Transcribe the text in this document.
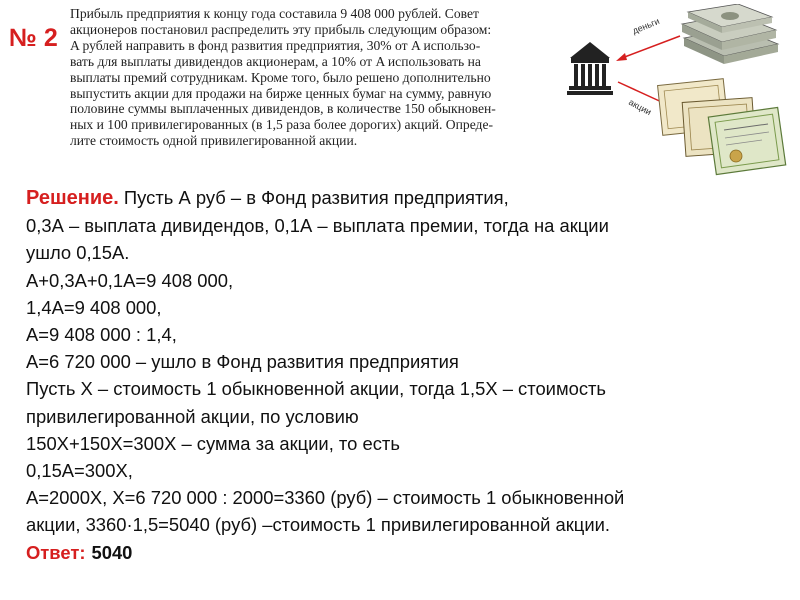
№ 2
Прибыль предприятия к концу года составила 9 408 000 рублей. Совет
акционеров постановил распределить эту прибыль следующим образом:
A рублей направить в фонд развития предприятия, 30% от A использо-
вать для выплаты дивидендов акционерам, а 10% от A использовать на
выплаты премий сотрудникам. Кроме того, было решено дополнительно
выпустить акции для продажи на бирже ценных бумаг на сумму, равную
половине суммы выплаченных дивидендов, в количестве 150 обыкновен-
ных и 100 привилегированных (в 1,5 раза более дорогих) акций. Опреде-
лите стоимость одной привилегированной акции.
деньги
акции
Решение. Пусть А руб – в Фонд развития предприятия,
0,3А – выплата дивидендов, 0,1А – выплата премии, тогда на акции
ушло 0,15А.
А+0,3А+0,1А=9 408 000,
1,4А=9 408 000,
А=9 408 000 : 1,4,
А=6 720 000 – ушло в Фонд развития предприятия
Пусть Х – стоимость 1 обыкновенной акции, тогда 1,5Х – стоимость
привилегированной акции, по условию
150Х+150Х=300Х – сумма за акции, то есть
0,15А=300Х,
А=2000Х, Х=6 720 000 : 2000=3360 (руб) – стоимость 1 обыкновенной
акции, 3360·1,5=5040 (руб) –стоимость 1 привилегированной акции.
Ответ: 5040
